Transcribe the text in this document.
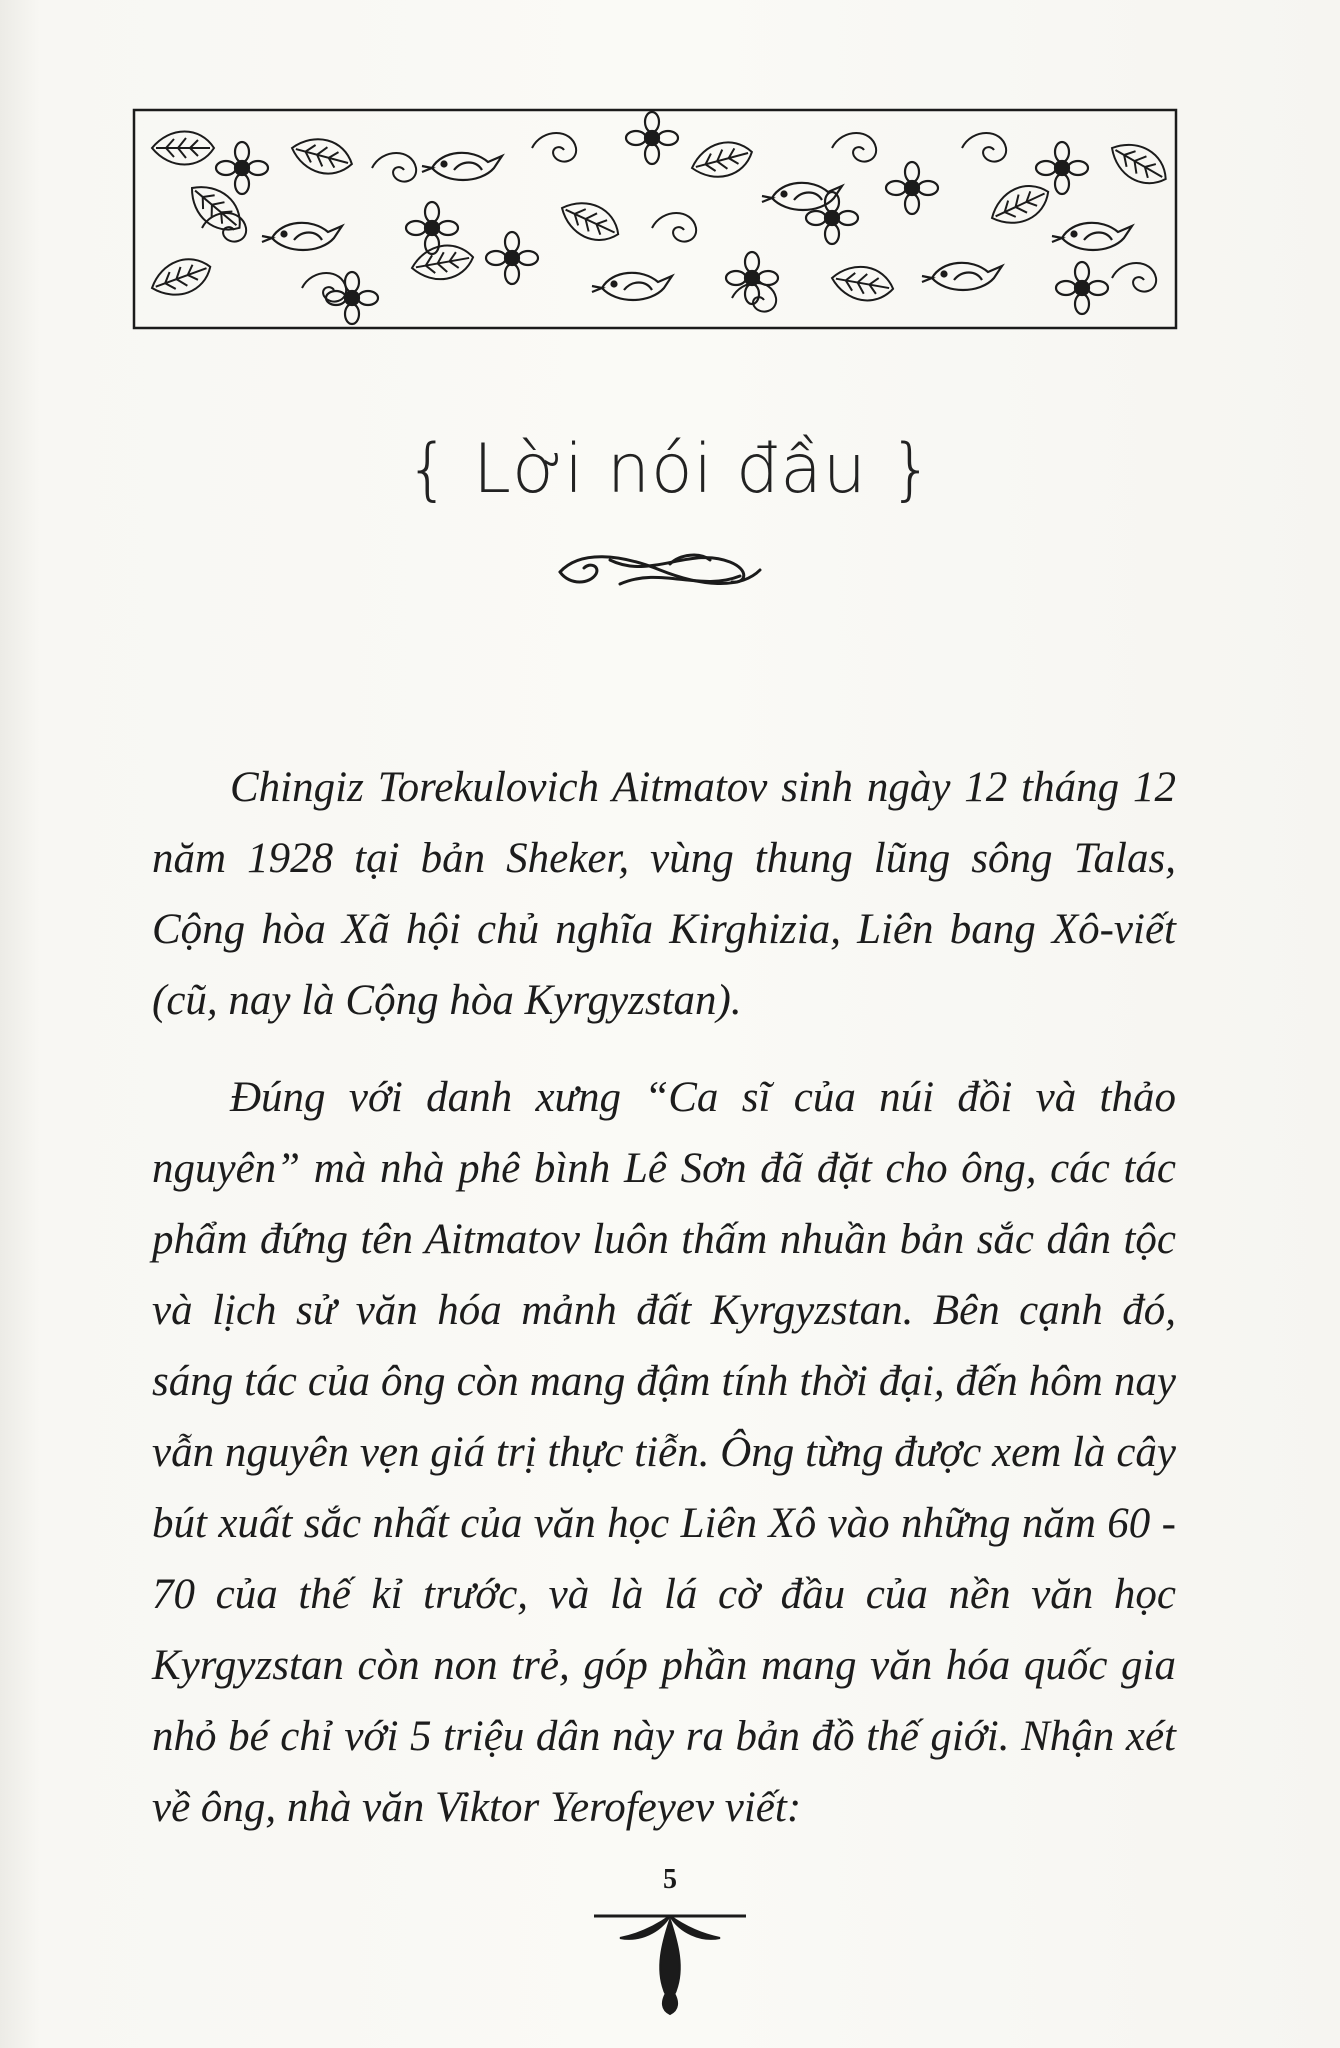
{ Lời nói đầu }

Chingiz Torekulovich Aitmatov sinh ngày 12 tháng 12 năm 1928 tại bản Sheker, vùng thung lũng sông Talas, Cộng hòa Xã hội chủ nghĩa Kirghizia, Liên bang Xô-viết (cũ, nay là Cộng hòa Kyrgyzstan).

Đúng với danh xưng “Ca sĩ của núi đồi và thảo nguyên” mà nhà phê bình Lê Sơn đã đặt cho ông, các tác phẩm đứng tên Aitmatov luôn thấm nhuần bản sắc dân tộc và lịch sử văn hóa mảnh đất Kyrgyzstan. Bên cạnh đó, sáng tác của ông còn mang đậm tính thời đại, đến hôm nay vẫn nguyên vẹn giá trị thực tiễn. Ông từng được xem là cây bút xuất sắc nhất của văn học Liên Xô vào những năm 60 - 70 của thế kỉ trước, và là lá cờ đầu của nền văn học Kyrgyzstan còn non trẻ, góp phần mang văn hóa quốc gia nhỏ bé chỉ với 5 triệu dân này ra bản đồ thế giới. Nhận xét về ông, nhà văn Viktor Yerofeyev viết:

5
